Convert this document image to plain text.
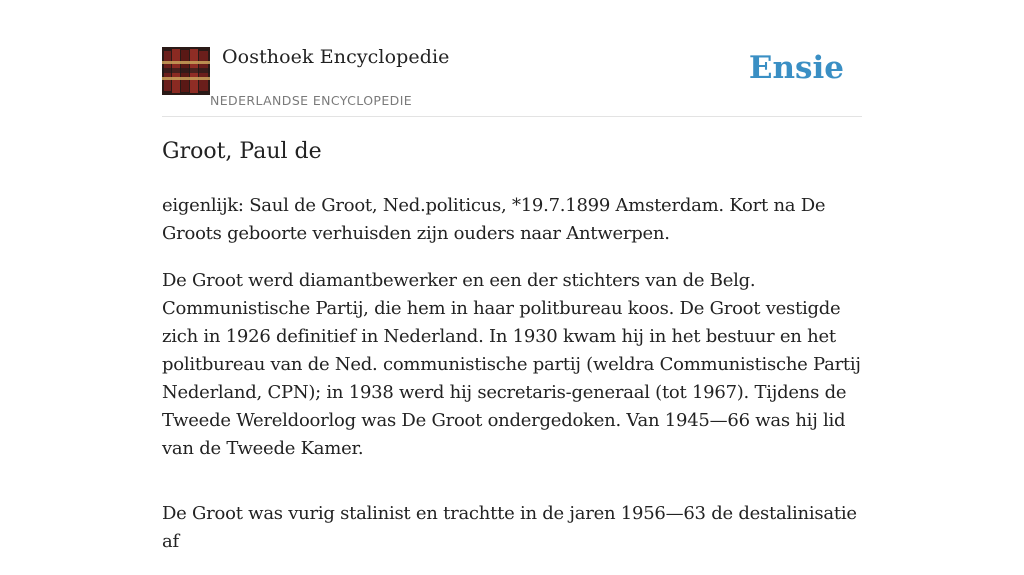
Oosthoek Encyclopedie
NEDERLANDSE ENCYCLOPEDIE
Ensie
Groot, Paul de

eigenlijk: Saul de Groot, Ned.politicus, *19.7.1899 Amsterdam. Kort na De Groots geboorte verhuisden zijn ouders naar Antwerpen.

De Groot werd diamantbewerker en een der stichters van de Belg. Communistische Partij, die hem in haar politbureau koos. De Groot vestigde zich in 1926 definitief in Nederland. In 1930 kwam hij in het bestuur en het politbureau van de Ned. communistische partij (weldra Communistische Partij Nederland, CPN); in 1938 werd hij secretaris-generaal (tot 1967). Tijdens de Tweede Wereldoorlog was De Groot ondergedoken. Van 1945—66 was hij lid van de Tweede Kamer.

De Groot was vurig stalinist en trachtte in de jaren 1956—63 de destalinisatie af
